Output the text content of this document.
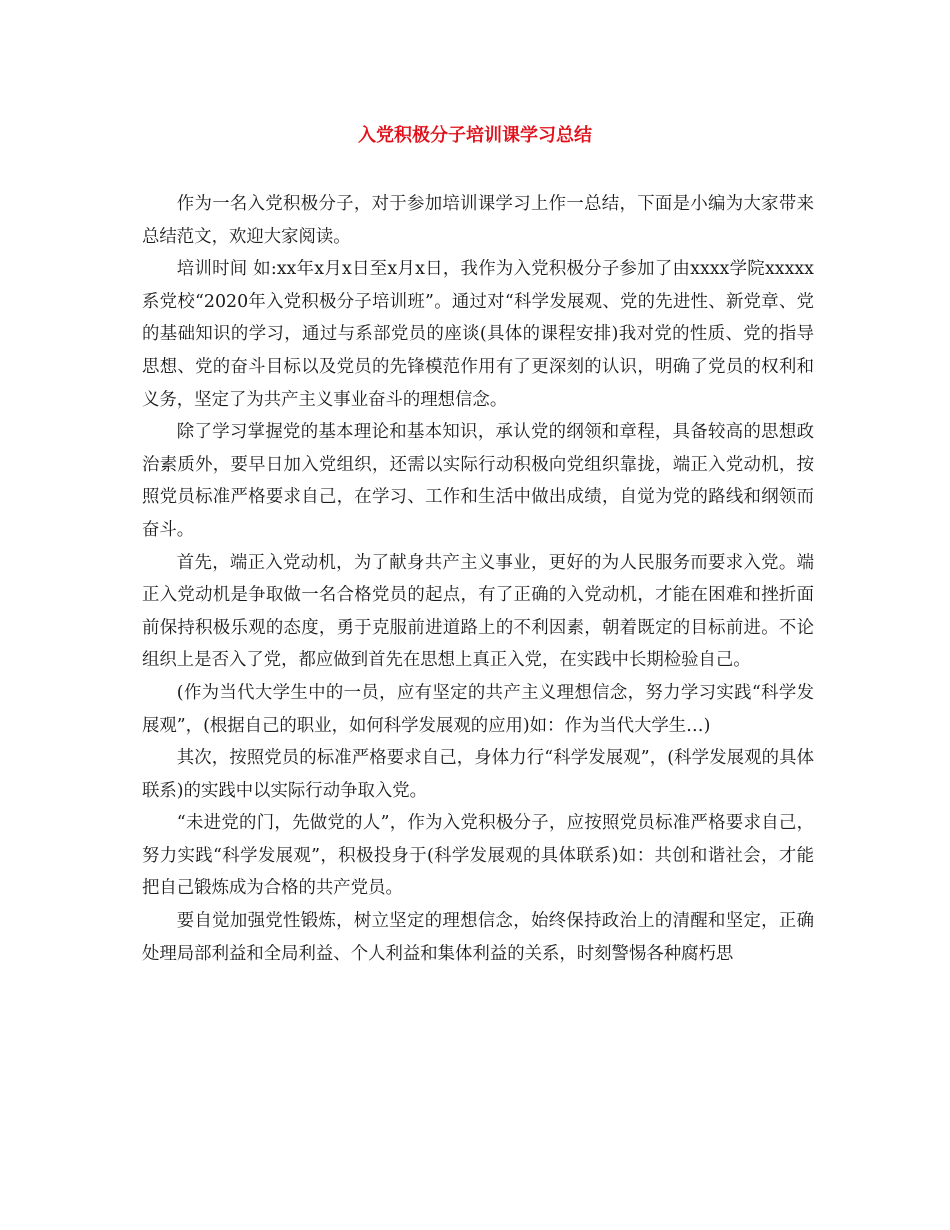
入党积极分子培训课学习总结

作为一名入党积极分子，对于参加培训课学习上作一总结，下面是小编为大家带来总结范文，欢迎大家阅读。

培训时间 如:xx年x月x日至x月x日，我作为入党积极分子参加了由xxxx学院xxxxx系党校“2020年入党积极分子培训班”。通过对“科学发展观、党的先进性、新党章、党的基础知识的学习，通过与系部党员的座谈(具体的课程安排)我对党的性质、党的指导思想、党的奋斗目标以及党员的先锋模范作用有了更深刻的认识，明确了党员的权利和义务，坚定了为共产主义事业奋斗的理想信念。

除了学习掌握党的基本理论和基本知识，承认党的纲领和章程，具备较高的思想政治素质外，要早日加入党组织，还需以实际行动积极向党组织靠拢，端正入党动机，按照党员标准严格要求自己，在学习、工作和生活中做出成绩，自觉为党的路线和纲领而奋斗。

首先，端正入党动机，为了献身共产主义事业，更好的为人民服务而要求入党。端正入党动机是争取做一名合格党员的起点，有了正确的入党动机，才能在困难和挫折面前保持积极乐观的态度，勇于克服前进道路上的不利因素，朝着既定的目标前进。不论组织上是否入了党，都应做到首先在思想上真正入党，在实践中长期检验自己。

(作为当代大学生中的一员，应有坚定的共产主义理想信念，努力学习实践“科学发展观”，(根据自己的职业，如何科学发展观的应用)如：作为当代大学生…)

其次，按照党员的标准严格要求自己，身体力行“科学发展观”，(科学发展观的具体联系)的实践中以实际行动争取入党。

“未进党的门，先做党的人”，作为入党积极分子，应按照党员标准严格要求自己，努力实践“科学发展观”，积极投身于(科学发展观的具体联系)如：共创和谐社会，才能把自己锻炼成为合格的共产党员。

要自觉加强党性锻炼，树立坚定的理想信念，始终保持政治上的清醒和坚定，正确处理局部利益和全局利益、个人利益和集体利益的关系，时刻警惕各种腐朽思
